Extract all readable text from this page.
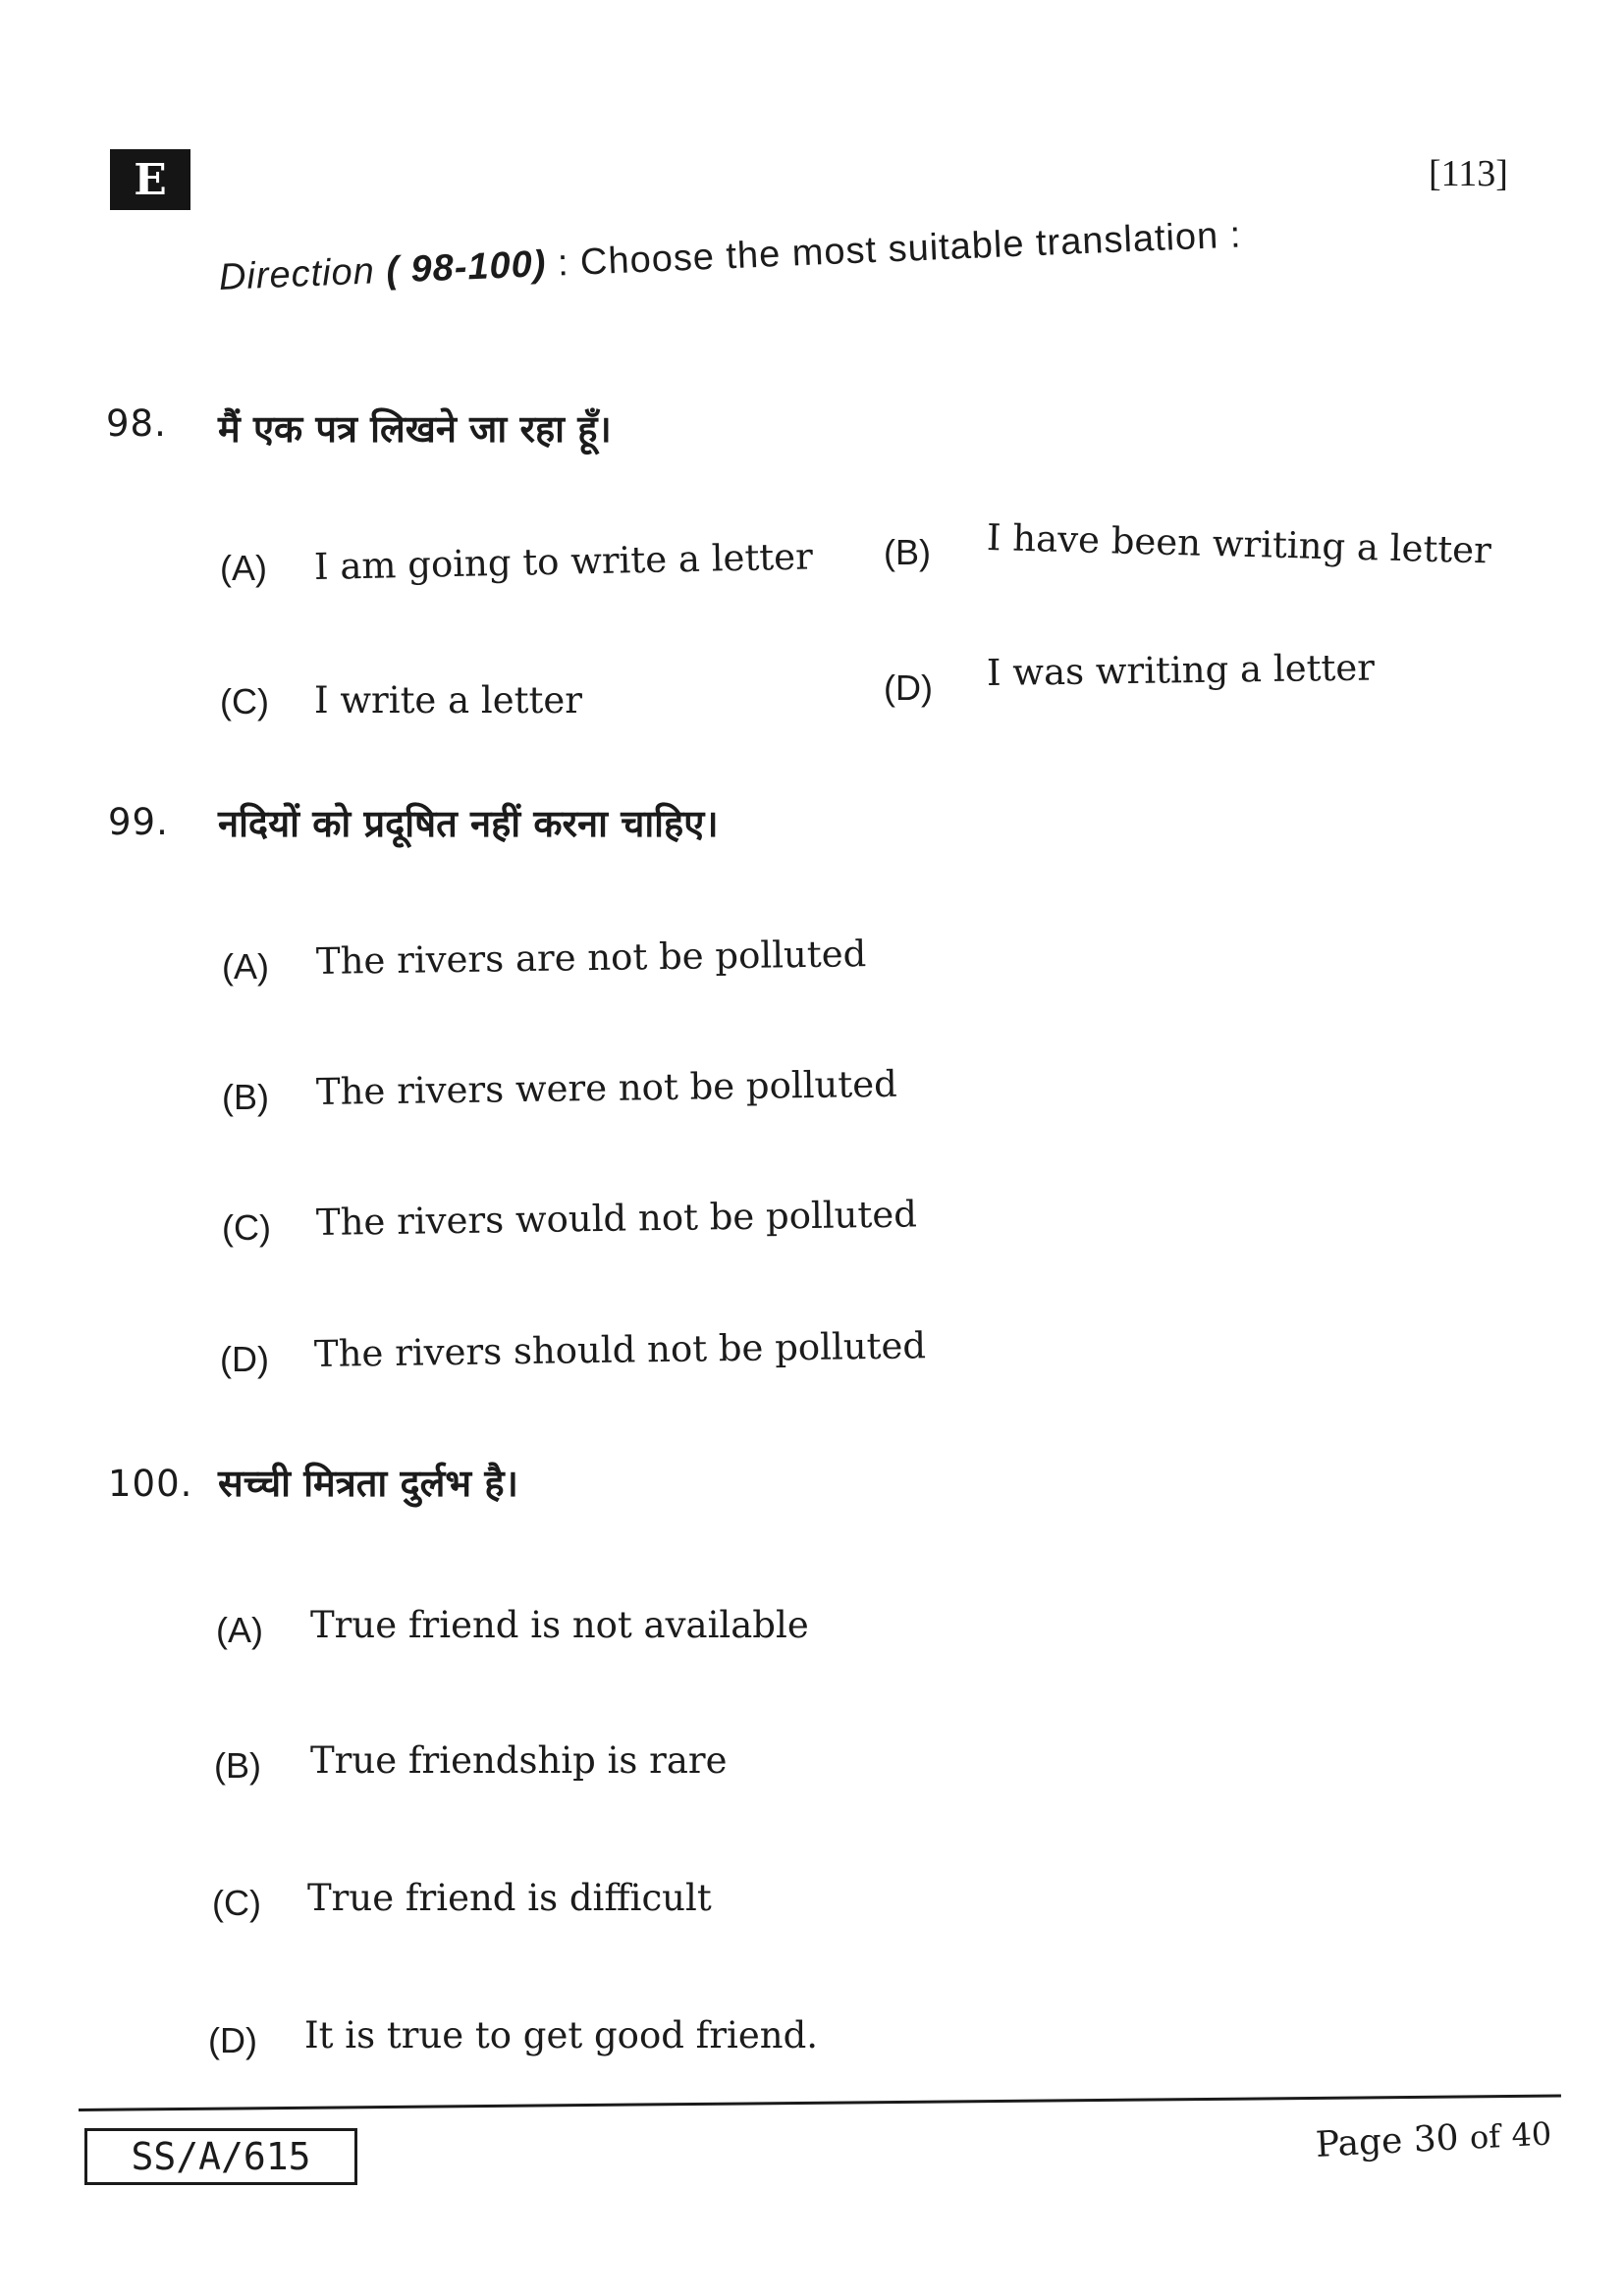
E	[113]
Direction ( 98-100) : Choose the most suitable translation :
98. मैं एक पत्र लिखने जा रहा हूँ।
(A) I am going to write a letter (B) I have been writing a letter
(C) I write a letter	(D) I was writing a letter
99. नदियों को प्रदूषित नहीं करना चाहिए।
(A) The rivers are not be polluted
(B) The rivers were not be polluted
(C) The rivers would not be polluted
(D) The rivers should not be polluted
100. सच्ची मित्रता दुर्लभ है।
(A) True friend is not available
(B) True friendship is rare
(C) True friend is difficult
(D) It is true to get good friend.
SS/A/615	Page 30 of 40
